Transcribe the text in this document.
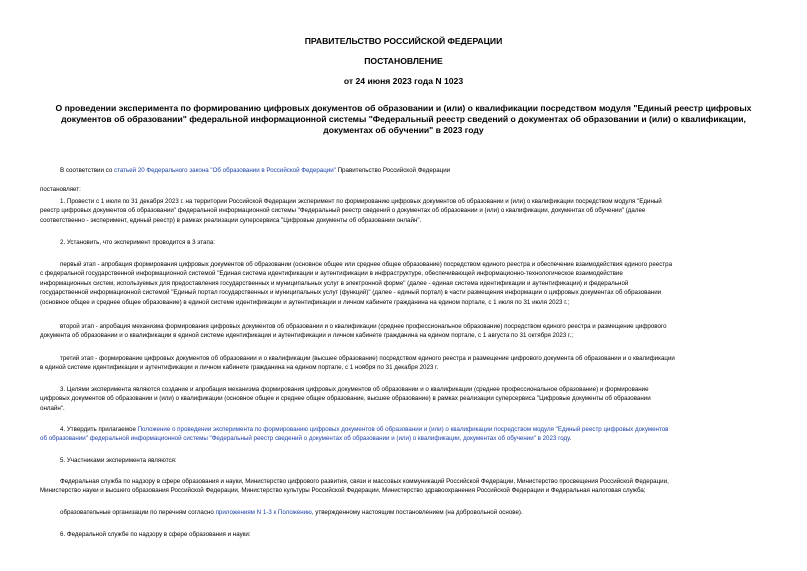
ПРАВИТЕЛЬСТВО РОССИЙСКОЙ ФЕДЕРАЦИИ
ПОСТАНОВЛЕНИЕ
от 24 июня 2023 года N 1023
О проведении эксперимента по формированию цифровых документов об образовании и (или) о квалификации посредством модуля "Единый реестр цифровых
документов об образовании" федеральной информационной системы "Федеральный реестр сведений о документах об образовании и (или) о квалификации,
документах об обучении" в 2023 году
В соответствии со статьей 20 Федерального закона "Об образовании в Российской Федерации" Правительство Российской Федерации
постановляет:
1. Провести с 1 июля по 31 декабря 2023 г. на территории Российской Федерации эксперимент по формированию цифровых документов об образовании и (или) о квалификации посредством модуля "Единый
реестр цифровых документов об образовании" федеральной информационной системы "Федеральный реестр сведений о документах об образовании и (или) о квалификации, документах об обучении" (далее
соответственно - эксперимент, единый реестр) в рамках реализации суперсервиса "Цифровые документы об образовании онлайн".
2. Установить, что эксперимент проводится в 3 этапа:
первый этап - апробация формирования цифровых документов об образовании (основное общее или среднее общее образование) посредством единого реестра и обеспечение взаимодействия единого реестра
с федеральной государственной информационной системой "Единая система идентификации и аутентификации в инфраструктуре, обеспечивающей информационно-технологическое взаимодействие
информационных систем, используемых для предоставления государственных и муниципальных услуг в электронной форме" (далее - единая система идентификации и аутентификации) и федеральной
государственной информационной системой "Единый портал государственных и муниципальных услуг (функций)" (далее - единый портал) в части размещения информации о цифровых документах об образовании
(основное общее и среднее общее образование) в единой системе идентификации и аутентификации и личном кабинете гражданина на едином портале, с 1 июля по 31 июля 2023 г.;
второй этап - апробация механизма формирования цифровых документов об образовании и о квалификации (среднее профессиональное образование) посредством единого реестра и размещение цифрового
документа об образовании и о квалификации в единой системе идентификации и аутентификации и личном кабинете гражданина на едином портале, с 1 августа по 31 октября 2023 г.;
третий этап - формирование цифровых документов об образовании и о квалификации (высшее образование) посредством единого реестра и размещение цифрового документа об образовании и о квалификации
в единой системе идентификации и аутентификации и личном кабинете гражданина на едином портале, с 1 ноября по 31 декабря 2023 г.
3. Целями эксперимента являются создание и апробация механизма формирования цифровых документов об образовании и о квалификации (среднее профессиональное образование) и формирование
цифровых документов об образовании и (или) о квалификации (основное общее и среднее общее образование, высшее образование) в рамках реализации суперсервиса "Цифровые документы об образовании
онлайн".
4. Утвердить прилагаемое Положение о проведении эксперимента по формированию цифровых документов об образовании и (или) о квалификации посредством модуля "Единый реестр цифровых документов
об образовании" федеральной информационной системы "Федеральный реестр сведений о документах об образовании и (или) о квалификации, документах об обучении" в 2023 году.
5. Участниками эксперимента являются:
Федеральная служба по надзору в сфере образования и науки, Министерство цифрового развития, связи и массовых коммуникаций Российской Федерации, Министерство просвещения Российской Федерации,
Министерство науки и высшего образования Российской Федерации, Министерство культуры Российской Федерации, Министерство здравоохранения Российской Федерации и Федеральная налоговая служба;
образовательные организации по перечням согласно приложениям N 1-3 к Положению, утвержденному настоящим постановлением (на добровольной основе).
6. Федеральной службе по надзору в сфере образования и науки:
